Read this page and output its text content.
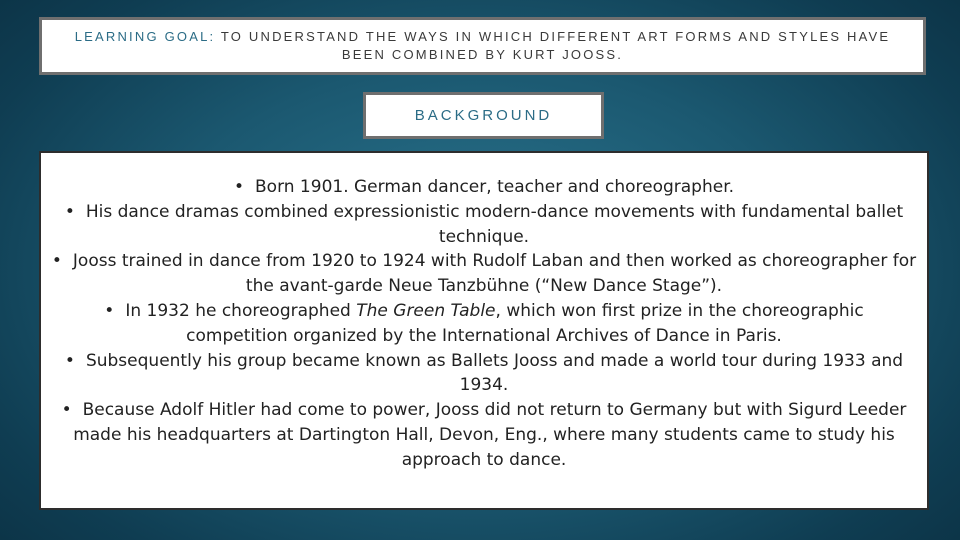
LEARNING GOAL: TO UNDERSTAND THE WAYS IN WHICH DIFFERENT ART FORMS AND STYLES HAVE BEEN COMBINED BY KURT JOOSS.
BACKGROUND
• Born 1901. German dancer, teacher and choreographer.
• His dance dramas combined expressionistic modern-dance movements with fundamental ballet technique.
• Jooss trained in dance from 1920 to 1924 with Rudolf Laban and then worked as choreographer for the avant-garde Neue Tanzbühne (“New Dance Stage”).
• In 1932 he choreographed The Green Table, which won first prize in the choreographic competition organized by the International Archives of Dance in Paris.
• Subsequently his group became known as Ballets Jooss and made a world tour during 1933 and 1934.
• Because Adolf Hitler had come to power, Jooss did not return to Germany but with Sigurd Leeder made his headquarters at Dartington Hall, Devon, Eng., where many students came to study his approach to dance.
